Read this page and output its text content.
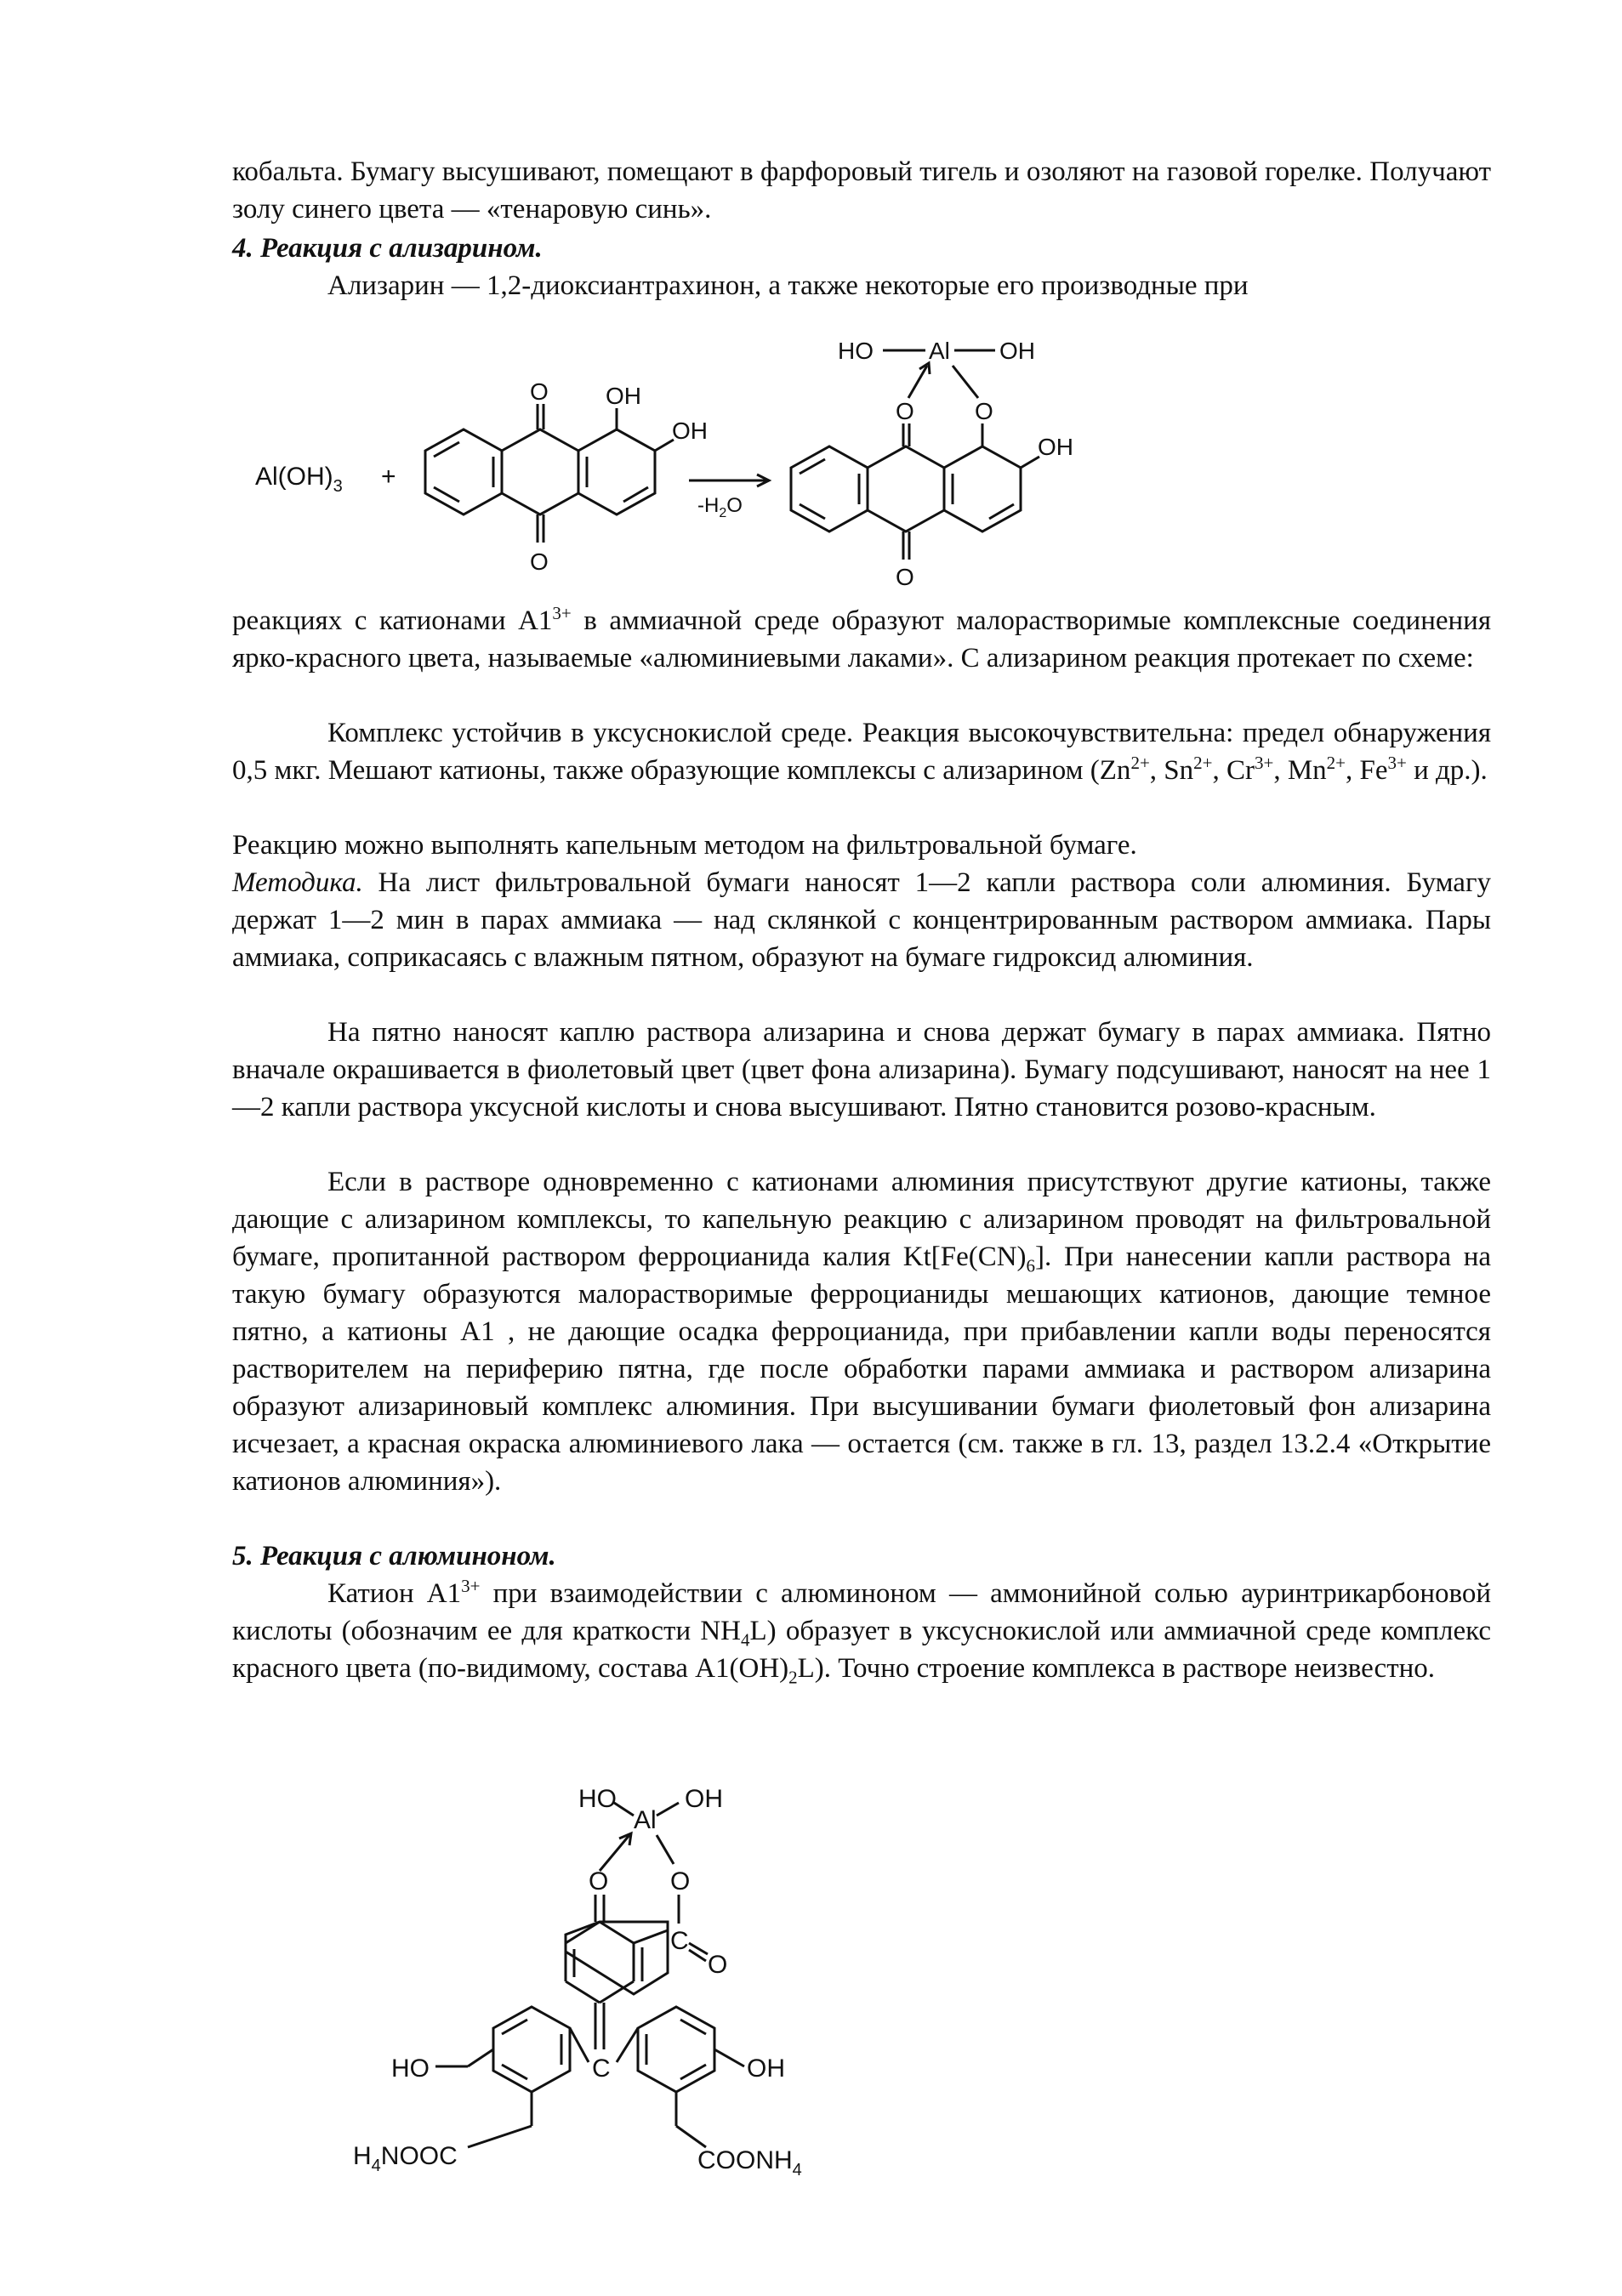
кобальта. Бумагу высушивают, помещают в фарфоровый тигель и озоляют на газовой горелке. Получают золу синего цвета — «тенаровую синь».

4. Реакция с ализарином.

Ализарин — 1,2-диоксиантрахинон, а также некоторые его производные при

$Al(OH)_3$ +
O
O
OH
OH
$-H_2O$
O
O
O
OH
Al
HO	OH

реакциях с катионами $A1^{3+}$ в аммиачной среде образуют малорастворимые комплексные соединения ярко-красного цвета, называемые «алюминиевыми лаками». С ализарином реакция протекает по схеме:

Комплекс устойчив в уксуснокислой среде. Реакция высокочувствительна: предел обнаружения 0,5 мкг. Мешают катионы, также образующие комплексы с ализарином ($Zn^{2+}$, $Sn^{2+}$, $Cr^{3+}$, $Mn^{2+}$, $Fe^{3+}$ и др.).

Реакцию можно выполнять капельным методом на фильтровальной бумаге.

Методика. На лист фильтровальной бумаги наносят 1—2 капли раствора соли алюминия. Бумагу держат 1—2 мин в парах аммиака — над склянкой с концентрированным раствором аммиака. Пары аммиака, соприкасаясь с влажным пятном, образуют на бумаге гидроксид алюминия.

На пятно наносят каплю раствора ализарина и снова держат бумагу в парах аммиака. Пятно вначале окрашивается в фиолетовый цвет (цвет фона ализарина). Бумагу подсушивают, наносят на нее 1—2 капли раствора уксусной кислоты и снова высушивают. Пятно становится розово-красным.

Если в растворе одновременно с катионами алюминия присутствуют другие катионы, также дающие с ализарином комплексы, то капельную реакцию с ализарином проводят на фильтровальной бумаге, пропитанной раствором ферроцианида калия $Kt[Fe(CN)_6]$. При нанесении капли раствора на такую бумагу образуются малорастворимые ферроцианиды мешающих катионов, дающие темное пятно, а катионы A1 , не дающие осадка ферроцианида, при прибавлении капли воды переносятся растворителем на периферию пятна, где после обработки парами аммиака и раствором ализарина образуют ализариновый комплекс алюминия. При высушивании бумаги фиолетовый фон ализарина исчезает, а красная окраска алюминиевого лака — остается (см. также в гл. 13, раздел 13.2.4 «Открытие катионов алюминия»).

5. Реакция с алюминоном.

Катион $A1^{3+}$ при взаимодействии с алюминоном — аммонийной солью ауринтрикарбоновой кислоты (обозначим ее для краткости $NH_4L$) образует в уксуснокислой или аммиачной среде комплекс красного цвета (по-видимому, состава $A1(OH)_2L$). Точно строение комплекса в растворе неизвестно.

HO	OH
Al
O O
C
O
C
HO
$H_4NOOC$
OH
$COONH_4$
